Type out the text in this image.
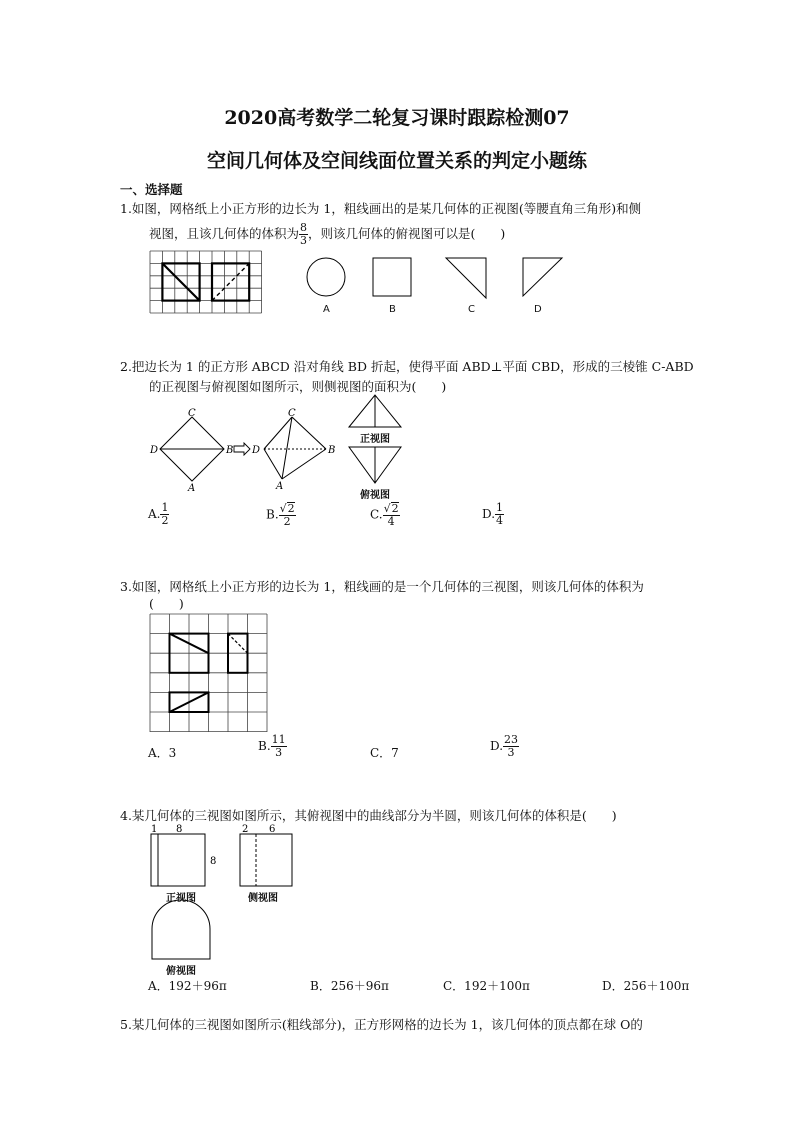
2020高考数学二轮复习课时跟踪检测07
空间几何体及空间线面位置关系的判定小题练
一、选择题
1.如图，网格纸上小正方形的边长为 1，粗线画出的是某几何体的正视图(等腰直角三角形)和侧
视图，且该几何体的体积为 $\frac{8}{3}$ ，则该几何体的俯视图可以是(　　)
A	B	C	D
2.把边长为 1 的正方形 ABCD 沿对角线 BD 折起，使得平面 ABD⊥平面 CBD，形成的三棱锥 C-ABD
的正视图与俯视图如图所示，则侧视图的面积为(　　)
C
D	B
A
C
D	B
A
正视图
俯视图
A. $\frac{1}{2}$	B. $\frac{√2}{2}$	C. $\frac{√2}{4}$	D. $\frac{1}{4}$
3.如图，网格纸上小正方形的边长为 1，粗线画的是一个几何体的三视图，则该几何体的体积为
(　　)
A．3	B. $\frac{11}{3}$	C．7	D. $\frac{23}{3}$
4.某几何体的三视图如图所示，其俯视图中的曲线部分为半圆，则该几何体的体积是(　　)
1 8
8
2 6
正视图	侧视图
俯视图
A．192＋96π	B．256＋96π	C．192＋100π	D．256＋100π
5.某几何体的三视图如图所示(粗线部分)，正方形网格的边长为 1，该几何体的顶点都在球 O的
